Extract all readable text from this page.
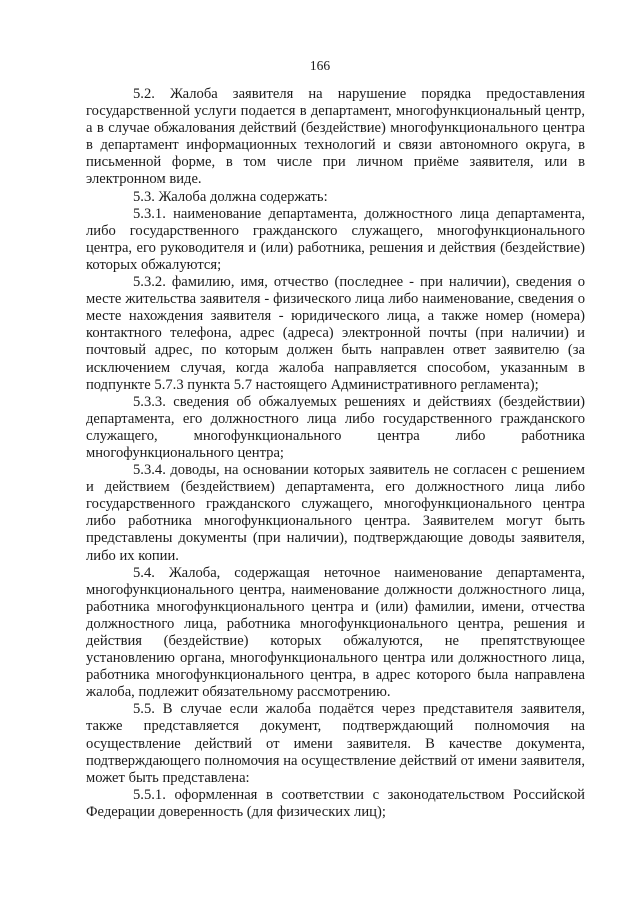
166

5.2. Жалоба заявителя на нарушение порядка предоставления государственной услуги подается в департамент, многофункциональный центр, а в случае обжалования действий (бездействие) многофункционального центра в департамент информационных технологий и связи автономного округа, в письменной форме, в том числе при личном приёме заявителя, или в электронном виде.

5.3. Жалоба должна содержать:

5.3.1. наименование департамента, должностного лица департамента, либо государственного гражданского служащего, многофункционального центра, его руководителя и (или) работника, решения и действия (бездействие) которых обжалуются;

5.3.2. фамилию, имя, отчество (последнее - при наличии), сведения о месте жительства заявителя - физического лица либо наименование, сведения о месте нахождения заявителя - юридического лица, а также номер (номера) контактного телефона, адрес (адреса) электронной почты (при наличии) и почтовый адрес, по которым должен быть направлен ответ заявителю (за исключением случая, когда жалоба направляется способом, указанным в подпункте 5.7.3 пункта 5.7 настоящего Административного регламента);

5.3.3. сведения об обжалуемых решениях и действиях (бездействии) департамента, его должностного лица либо государственного гражданского служащего, многофункционального центра либо работника многофункционального центра;

5.3.4. доводы, на основании которых заявитель не согласен с решением и действием (бездействием) департамента, его должностного лица либо государственного гражданского служащего, многофункционального центра либо работника многофункционального центра. Заявителем могут быть представлены документы (при наличии), подтверждающие доводы заявителя, либо их копии.

5.4. Жалоба, содержащая неточное наименование департамента, многофункционального центра, наименование должности должностного лица, работника многофункционального центра и (или) фамилии, имени, отчества должностного лица, работника многофункционального центра, решения и действия (бездействие) которых обжалуются, не препятствующее установлению органа, многофункционального центра или должностного лица, работника многофункционального центра, в адрес которого была направлена жалоба, подлежит обязательному рассмотрению.

5.5. В случае если жалоба подаётся через представителя заявителя, также представляется документ, подтверждающий полномочия на осуществление действий от имени заявителя. В качестве документа, подтверждающего полномочия на осуществление действий от имени заявителя, может быть представлена:

5.5.1. оформленная в соответствии с законодательством Российской Федерации доверенность (для физических лиц);
